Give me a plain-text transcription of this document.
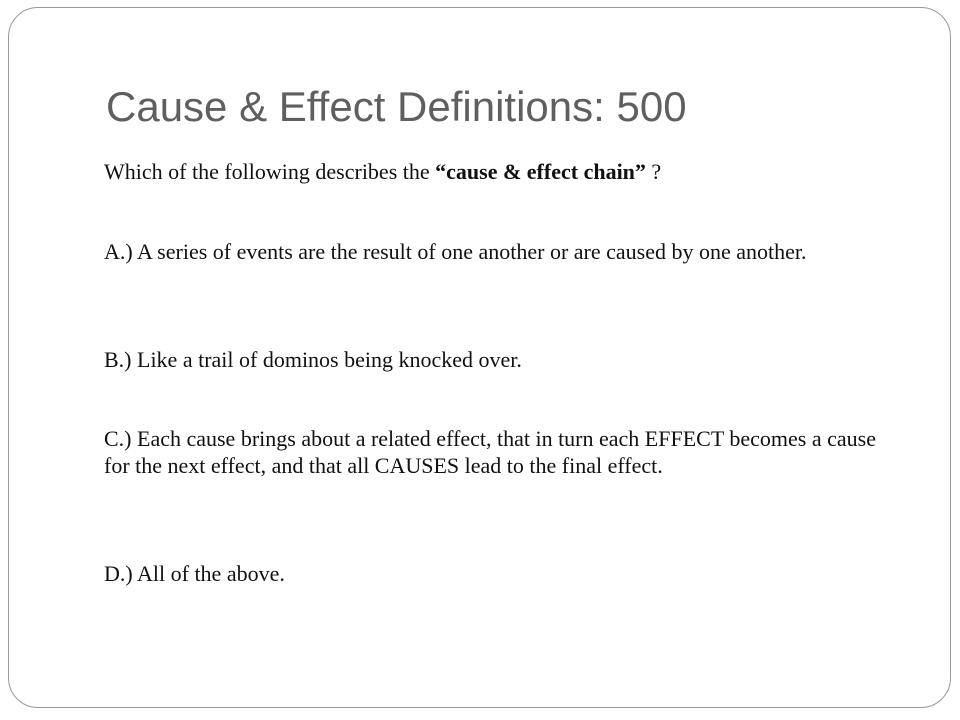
Cause & Effect Definitions: 500

Which of the following describes the “cause & effect chain” ?

A.) A series of events are the result of one another or are caused by one another.

B.) Like a trail of dominos being knocked over.

C.) Each cause brings about a related effect, that in turn each EFFECT becomes a cause for the next effect, and that all CAUSES lead to the final effect.

D.) All of the above.
